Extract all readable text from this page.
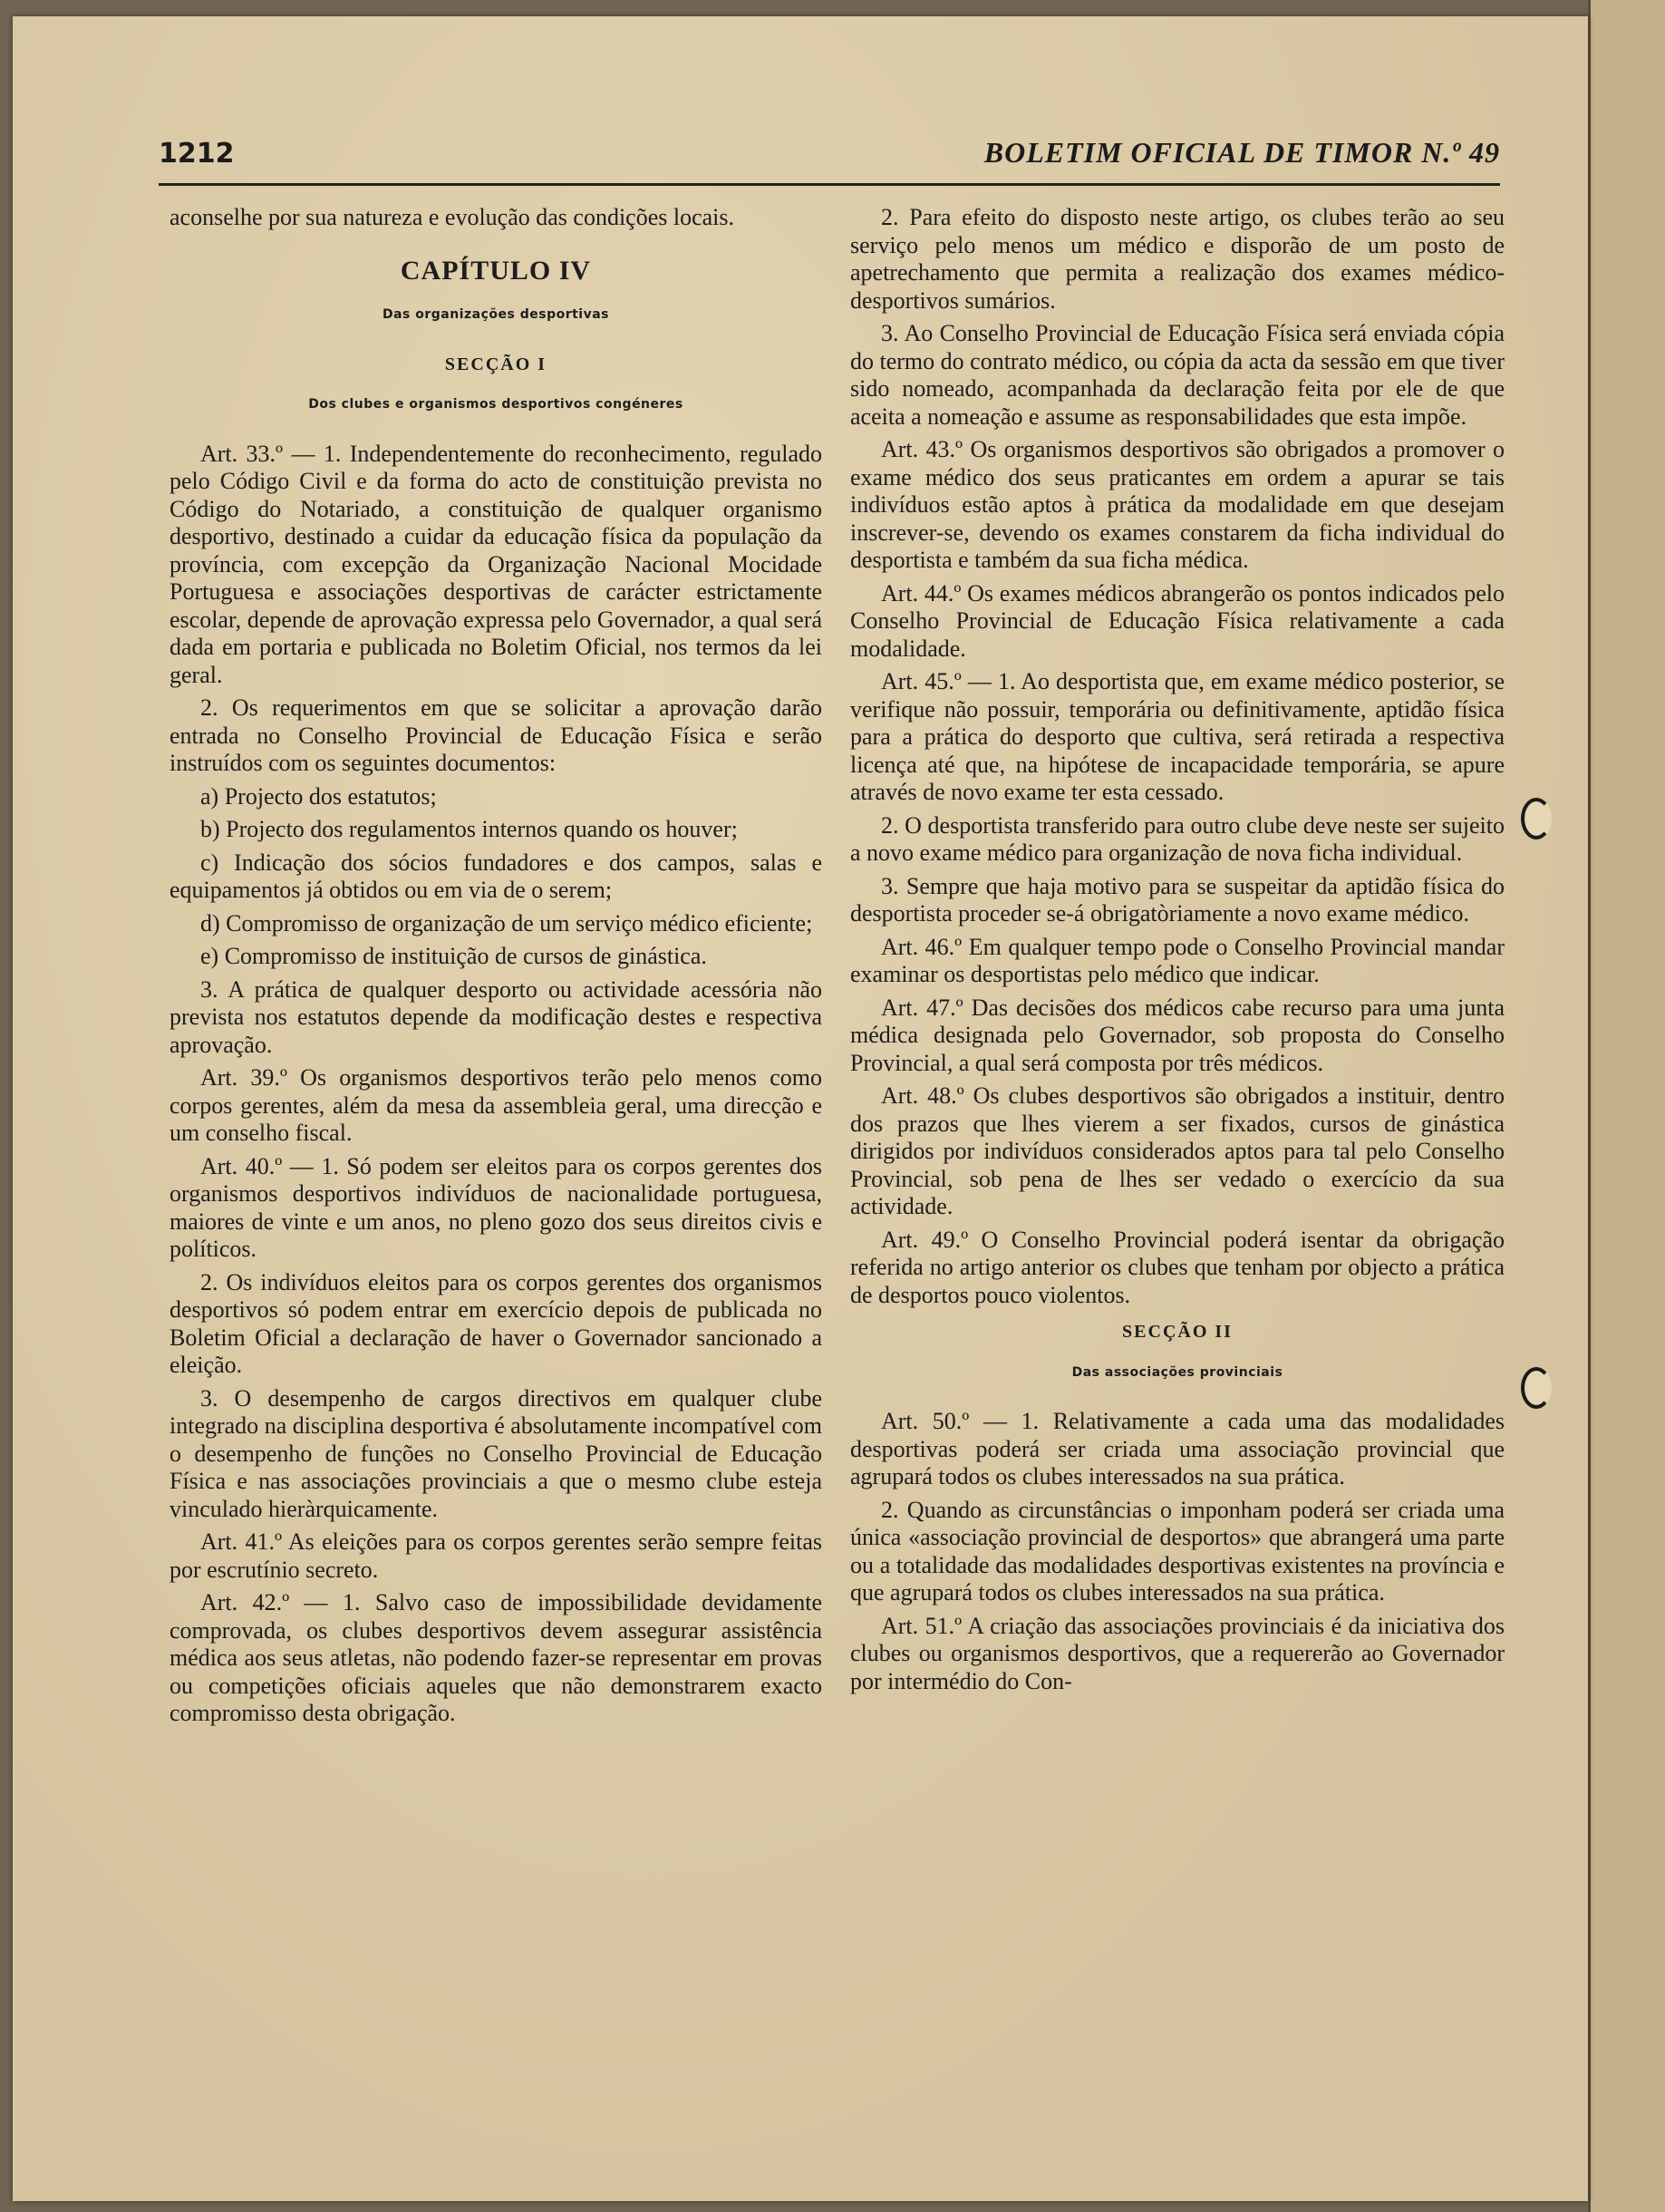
1212	BOLETIM OFICIAL DE TIMOR N.º 49

aconselhe por sua natureza e evolução das condições locais.

CAPÍTULO IV
Das organizações desportivas
SECÇÃO I
Dos clubes e organismos desportivos congéneres

Art. 33.º — 1. Independentemente do reconhecimento, regulado pelo Código Civil e da forma do acto de constituição prevista no Código do Notariado, a constituição de qualquer organismo desportivo, destinado a cuidar da educação física da população da província, com excepção da Organização Nacional Mocidade Portuguesa e associações desportivas de carácter estrictamente escolar, depende de aprovação expressa pelo Governador, a qual será dada em portaria e publicada no Boletim Oficial, nos termos da lei geral.

2. Os requerimentos em que se solicitar a aprovação darão entrada no Conselho Provincial de Educação Física e serão instruídos com os seguintes documentos:

a) Projecto dos estatutos;

b) Projecto dos regulamentos internos quando os houver;

c) Indicação dos sócios fundadores e dos campos, salas e equipamentos já obtidos ou em via de o serem;

d) Compromisso de organização de um serviço médico eficiente;

e) Compromisso de instituição de cursos de ginástica.

3. A prática de qualquer desporto ou actividade acessória não prevista nos estatutos depende da modificação destes e respectiva aprovação.

Art. 39.º Os organismos desportivos terão pelo menos como corpos gerentes, além da mesa da assembleia geral, uma direcção e um conselho fiscal.

Art. 40.º — 1. Só podem ser eleitos para os corpos gerentes dos organismos desportivos indivíduos de nacionalidade portuguesa, maiores de vinte e um anos, no pleno gozo dos seus direitos civis e políticos.

2. Os indivíduos eleitos para os corpos gerentes dos organismos desportivos só podem entrar em exercício depois de publicada no Boletim Oficial a declaração de haver o Governador sancionado a eleição.

3. O desempenho de cargos directivos em qualquer clube integrado na disciplina desportiva é absolutamente incompatível com o desempenho de funções no Conselho Provincial de Educação Física e nas associações provinciais a que o mesmo clube esteja vinculado hieràrquicamente.

Art. 41.º As eleições para os corpos gerentes serão sempre feitas por escrutínio secreto.

Art. 42.º — 1. Salvo caso de impossibilidade devidamente comprovada, os clubes desportivos devem assegurar assistência médica aos seus atletas, não podendo fazer-se representar em provas ou competições oficiais aqueles que não demonstrarem exacto compromisso desta obrigação.

2. Para efeito do disposto neste artigo, os clubes terão ao seu serviço pelo menos um médico e disporão de um posto de apetrechamento que permita a realização dos exames médico-desportivos sumários.

3. Ao Conselho Provincial de Educação Física será enviada cópia do termo do contrato médico, ou cópia da acta da sessão em que tiver sido nomeado, acompanhada da declaração feita por ele de que aceita a nomeação e assume as responsabilidades que esta impõe.

Art. 43.º Os organismos desportivos são obrigados a promover o exame médico dos seus praticantes em ordem a apurar se tais indivíduos estão aptos à prática da modalidade em que desejam inscrever-se, devendo os exames constarem da ficha individual do desportista e também da sua ficha médica.

Art. 44.º Os exames médicos abrangerão os pontos indicados pelo Conselho Provincial de Educação Física relativamente a cada modalidade.

Art. 45.º — 1. Ao desportista que, em exame médico posterior, se verifique não possuir, temporária ou definitivamente, aptidão física para a prática do desporto que cultiva, será retirada a respectiva licença até que, na hipótese de incapacidade temporária, se apure através de novo exame ter esta cessado.

2. O desportista transferido para outro clube deve neste ser sujeito a novo exame médico para organização de nova ficha individual.

3. Sempre que haja motivo para se suspeitar da aptidão física do desportista proceder se-á obrigatòriamente a novo exame médico.

Art. 46.º Em qualquer tempo pode o Conselho Provincial mandar examinar os desportistas pelo médico que indicar.

Art. 47.º Das decisões dos médicos cabe recurso para uma junta médica designada pelo Governador, sob proposta do Conselho Provincial, a qual será composta por três médicos.

Art. 48.º Os clubes desportivos são obrigados a instituir, dentro dos prazos que lhes vierem a ser fixados, cursos de ginástica dirigidos por indivíduos considerados aptos para tal pelo Conselho Provincial, sob pena de lhes ser vedado o exercício da sua actividade.

Art. 49.º O Conselho Provincial poderá isentar da obrigação referida no artigo anterior os clubes que tenham por objecto a prática de desportos pouco violentos.

SECÇÃO II
Das associações provinciais

Art. 50.º — 1. Relativamente a cada uma das modalidades desportivas poderá ser criada uma associação provincial que agrupará todos os clubes interessados na sua prática.

2. Quando as circunstâncias o imponham poderá ser criada uma única «associação provincial de desportos» que abrangerá uma parte ou a totalidade das modalidades desportivas existentes na província e que agrupará todos os clubes interessados na sua prática.

Art. 51.º A criação das associações provinciais é da iniciativa dos clubes ou organismos desportivos, que a requererão ao Governador por intermédio do Con-
